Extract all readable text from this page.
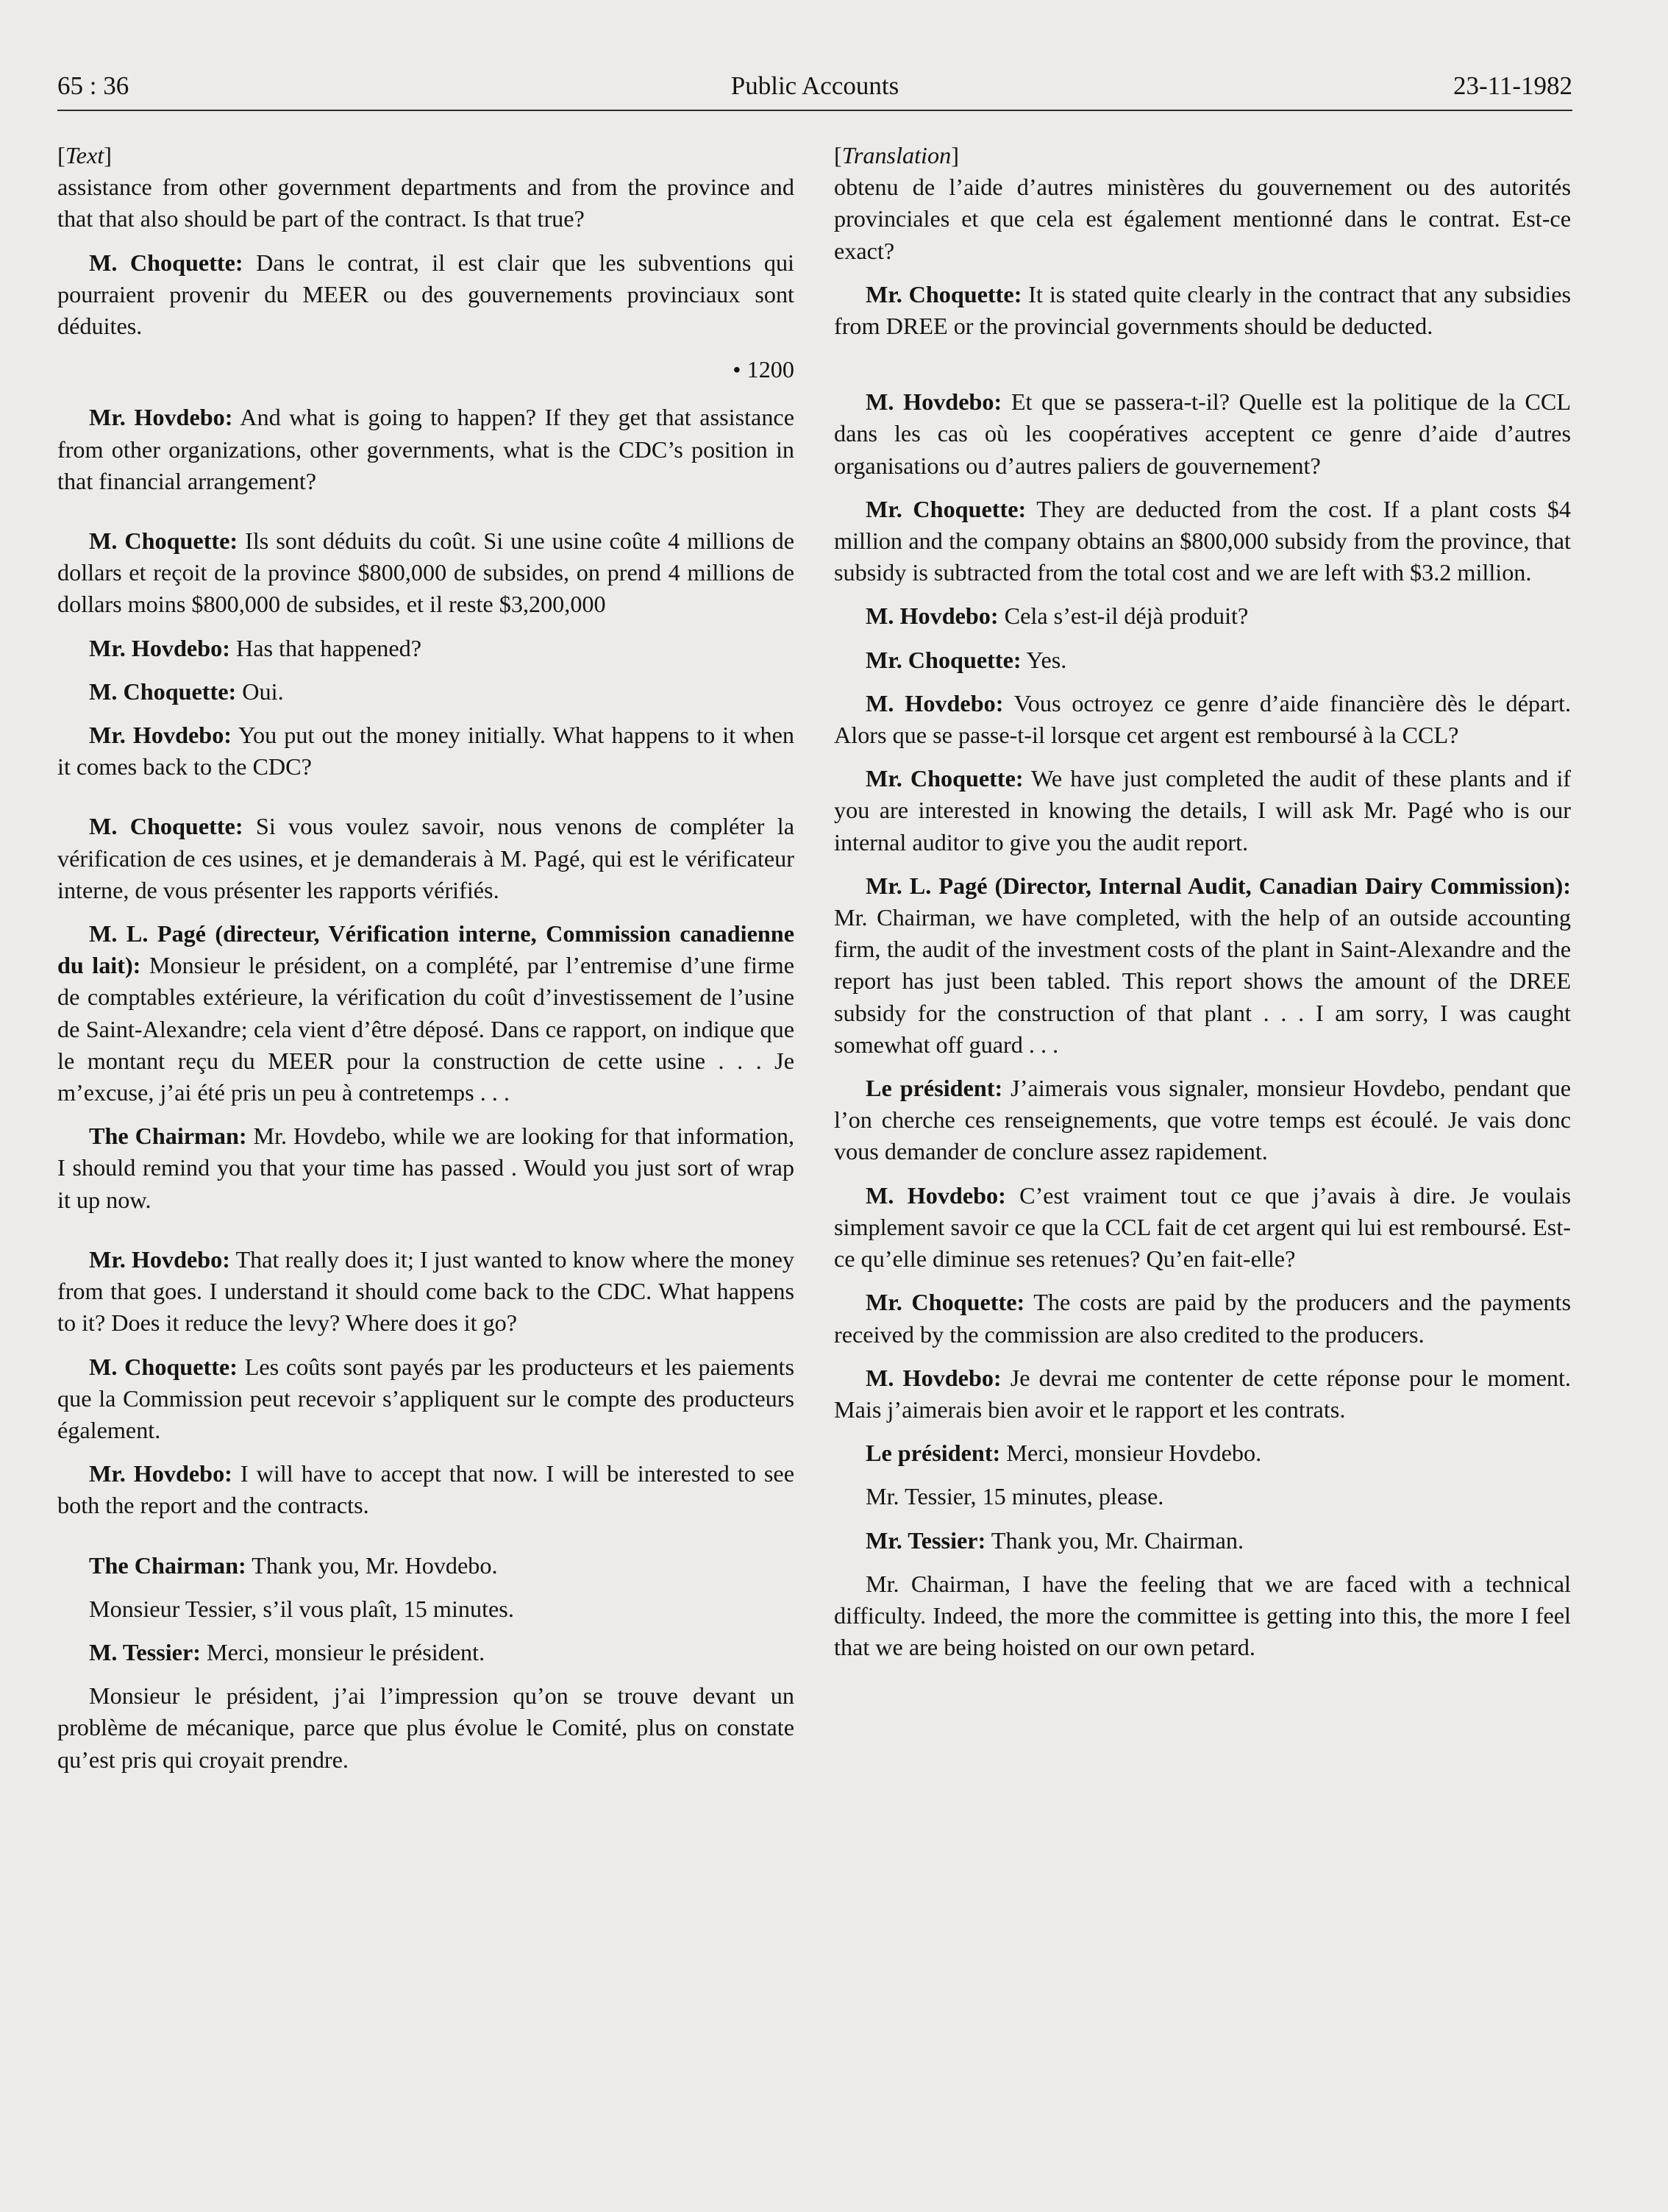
65 : 36	Public Accounts	23-11-1982
[Text]

assistance from other government departments and from the province and that that also should be part of the contract. Is that true?

M. Choquette: Dans le contrat, il est clair que les subventions qui pourraient provenir du MEER ou des gouvernements provinciaux sont déduites.

• 1200

Mr. Hovdebo: And what is going to happen? If they get that assistance from other organizations, other governments, what is the CDC’s position in that financial arrangement?

M. Choquette: Ils sont déduits du coût. Si une usine coûte 4 millions de dollars et reçoit de la province $800,000 de subsides, on prend 4 millions de dollars moins $800,000 de subsides, et il reste $3,200,000

Mr. Hovdebo: Has that happened?

M. Choquette: Oui.

Mr. Hovdebo: You put out the money initially. What happens to it when it comes back to the CDC?

M. Choquette: Si vous voulez savoir, nous venons de compléter la vérification de ces usines, et je demanderais à M. Pagé, qui est le vérificateur interne, de vous présenter les rapports vérifiés.

M. L. Pagé (directeur, Vérification interne, Commission canadienne du lait): Monsieur le président, on a complété, par l’entremise d’une firme de comptables extérieure, la vérification du coût d’investissement de l’usine de Saint-Alexandre; cela vient d’être déposé. Dans ce rapport, on indique que le montant reçu du MEER pour la construction de cette usine . . . Je m’excuse, j’ai été pris un peu à contretemps . . .

The Chairman: Mr. Hovdebo, while we are looking for that information, I should remind you that your time has passed . Would you just sort of wrap it up now.

Mr. Hovdebo: That really does it; I just wanted to know where the money from that goes. I understand it should come back to the CDC. What happens to it? Does it reduce the levy? Where does it go?

M. Choquette: Les coûts sont payés par les producteurs et les paiements que la Commission peut recevoir s’appliquent sur le compte des producteurs également.

Mr. Hovdebo: I will have to accept that now. I will be interested to see both the report and the contracts.

The Chairman: Thank you, Mr. Hovdebo.

Monsieur Tessier, s’il vous plaît, 15 minutes.

M. Tessier: Merci, monsieur le président.

Monsieur le président, j’ai l’impression qu’on se trouve devant un problème de mécanique, parce que plus évolue le Comité, plus on constate qu’est pris qui croyait prendre.

[Translation]

obtenu de l’aide d’autres ministères du gouvernement ou des autorités provinciales et que cela est également mentionné dans le contrat. Est-ce exact?

Mr. Choquette: It is stated quite clearly in the contract that any subsidies from DREE or the provincial governments should be deducted.

M. Hovdebo: Et que se passera-t-il? Quelle est la politique de la CCL dans les cas où les coopératives acceptent ce genre d’aide d’autres organisations ou d’autres paliers de gouvernement?

Mr. Choquette: They are deducted from the cost. If a plant costs $4 million and the company obtains an $800,000 subsidy from the province, that subsidy is subtracted from the total cost and we are left with $3.2 million.

M. Hovdebo: Cela s’est-il déjà produit?

Mr. Choquette: Yes.

M. Hovdebo: Vous octroyez ce genre d’aide financière dès le départ. Alors que se passe-t-il lorsque cet argent est remboursé à la CCL?

Mr. Choquette: We have just completed the audit of these plants and if you are interested in knowing the details, I will ask Mr. Pagé who is our internal auditor to give you the audit report.

Mr. L. Pagé (Director, Internal Audit, Canadian Dairy Commission): Mr. Chairman, we have completed, with the help of an outside accounting firm, the audit of the investment costs of the plant in Saint-Alexandre and the report has just been tabled. This report shows the amount of the DREE subsidy for the construction of that plant . . . I am sorry, I was caught somewhat off guard . . .

Le président: J’aimerais vous signaler, monsieur Hovdebo, pendant que l’on cherche ces renseignements, que votre temps est écoulé. Je vais donc vous demander de conclure assez rapidement.

M. Hovdebo: C’est vraiment tout ce que j’avais à dire. Je voulais simplement savoir ce que la CCL fait de cet argent qui lui est remboursé. Est-ce qu’elle diminue ses retenues? Qu’en fait-elle?

Mr. Choquette: The costs are paid by the producers and the payments received by the commission are also credited to the producers.

M. Hovdebo: Je devrai me contenter de cette réponse pour le moment. Mais j’aimerais bien avoir et le rapport et les contrats.

Le président: Merci, monsieur Hovdebo.

Mr. Tessier, 15 minutes, please.

Mr. Tessier: Thank you, Mr. Chairman.

Mr. Chairman, I have the feeling that we are faced with a technical difficulty. Indeed, the more the committee is getting into this, the more I feel that we are being hoisted on our own petard.
